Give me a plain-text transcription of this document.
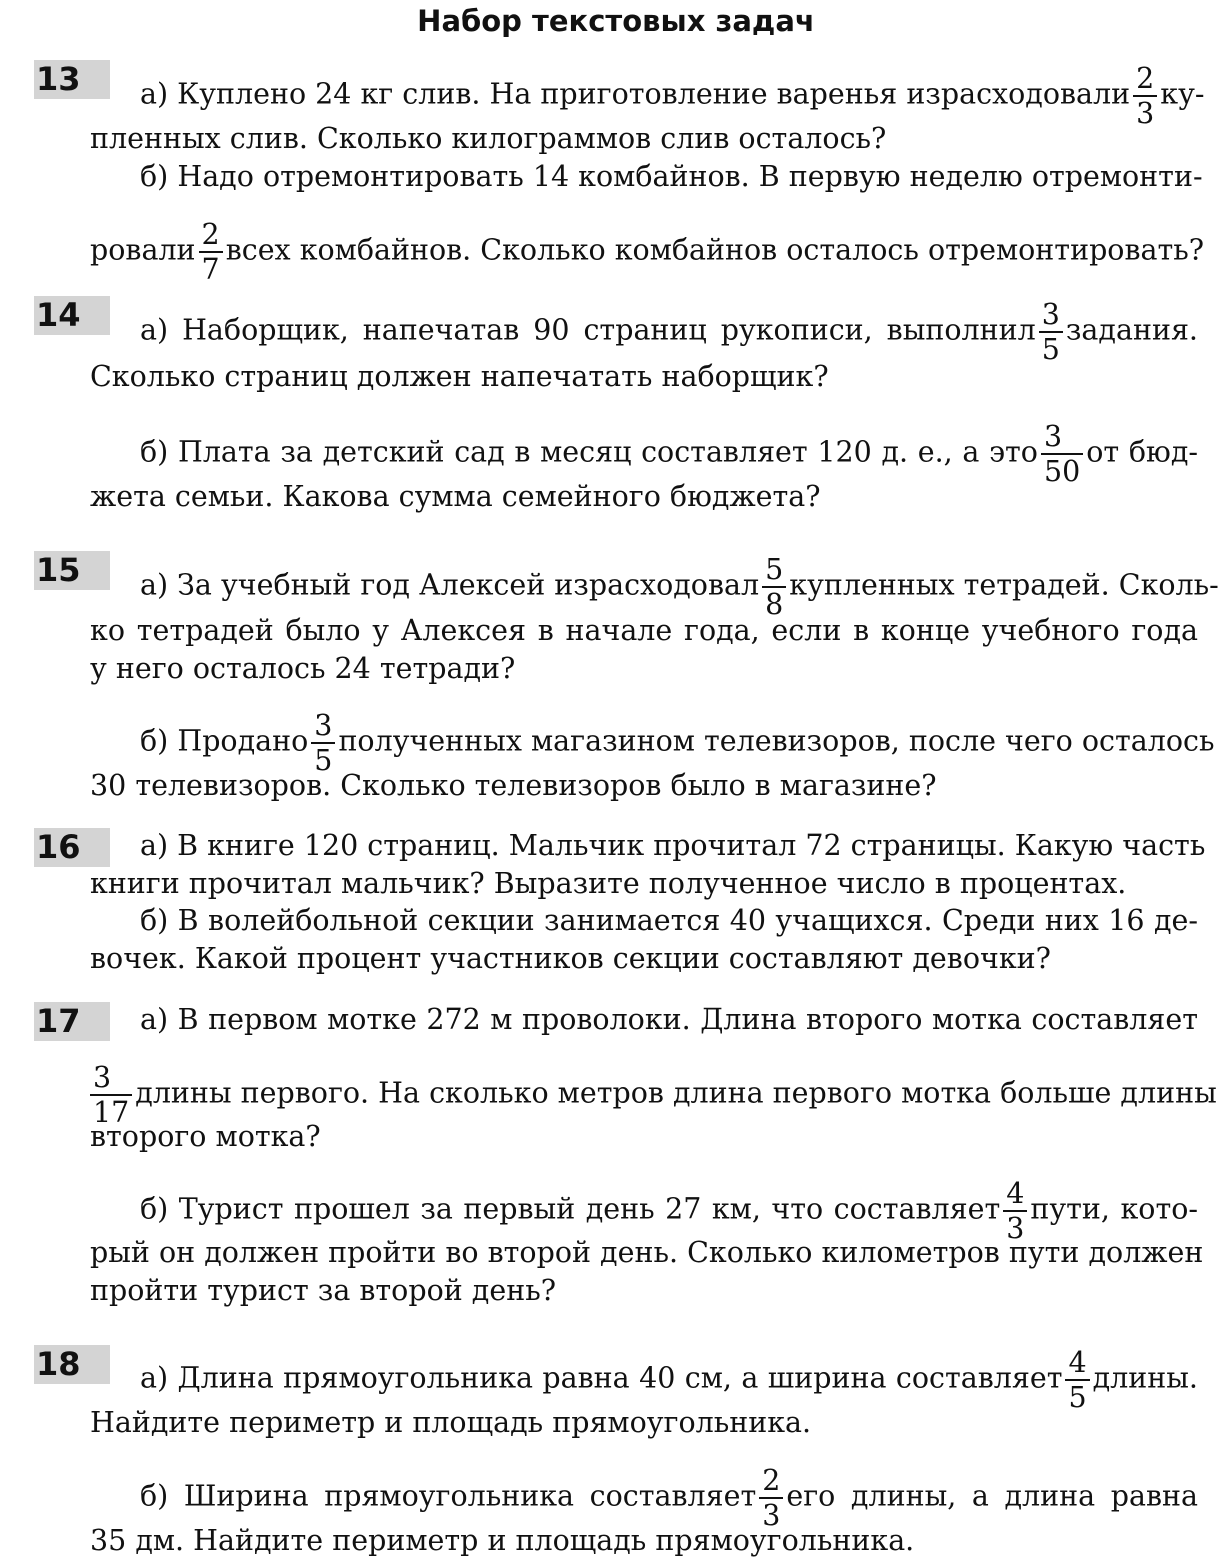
Набор текстовых задач
13	а) Куплено 24 кг слив. На приготовление варенья израсходовали $\frac{2}{3} ку-$
пленных слив. Сколько килограммов слив осталось?
б) Надо отремонтировать 14 комбайнов. В первую неделю отремонти-
ровали $\frac{2}{7}$ всех комбайнов. Сколько комбайнов осталось отремонтировать?
14	а) Наборщик, напечатав 90 страниц рукописи, выполнил $\frac{3}{5}$ задания.
Сколько страниц должен напечатать наборщик?
б) Плата за детский сад в месяц составляет 120 д. е., а это $\frac{3}{50}$ от бюд-
жета семьи. Какова сумма семейного бюджета?
15	а) За учебный год Алексей израсходовал $\frac{5}{8}$ купленных тетрадей. Сколь-
ко тетрадей было у Алексея в начале года, если в конце учебного года
у него осталось 24 тетради?
б) Продано $\frac{3}{5}$ полученных магазином телевизоров, после чего осталось
30 телевизоров. Сколько телевизоров было в магазине?
16	а) В книге 120 страниц. Мальчик прочитал 72 страницы. Какую часть
книги прочитал мальчик? Выразите полученное число в процентах.
б) В волейбольной секции занимается 40 учащихся. Среди них 16 де-
вочек. Какой процент участников секции составляют девочки?
17	а) В первом мотке 272 м проволоки. Длина второго мотка составляет
$\frac{3}{17}$ длины первого. На сколько метров длина первого мотка больше длины
второго мотка?
б) Турист прошел за первый день 27 км, что составляет $\frac{4}{3}$ пути, кото-
рый он должен пройти во второй день. Сколько километров пути должен
пройти турист за второй день?
18	а) Длина прямоугольника равна 40 см, а ширина составляет $\frac{4}{5}$ длины.
Найдите периметр и площадь прямоугольника.
б) Ширина прямоугольника составляет $\frac{2}{3}$ его длины, а длина равна
35 дм. Найдите периметр и площадь прямоугольника.
